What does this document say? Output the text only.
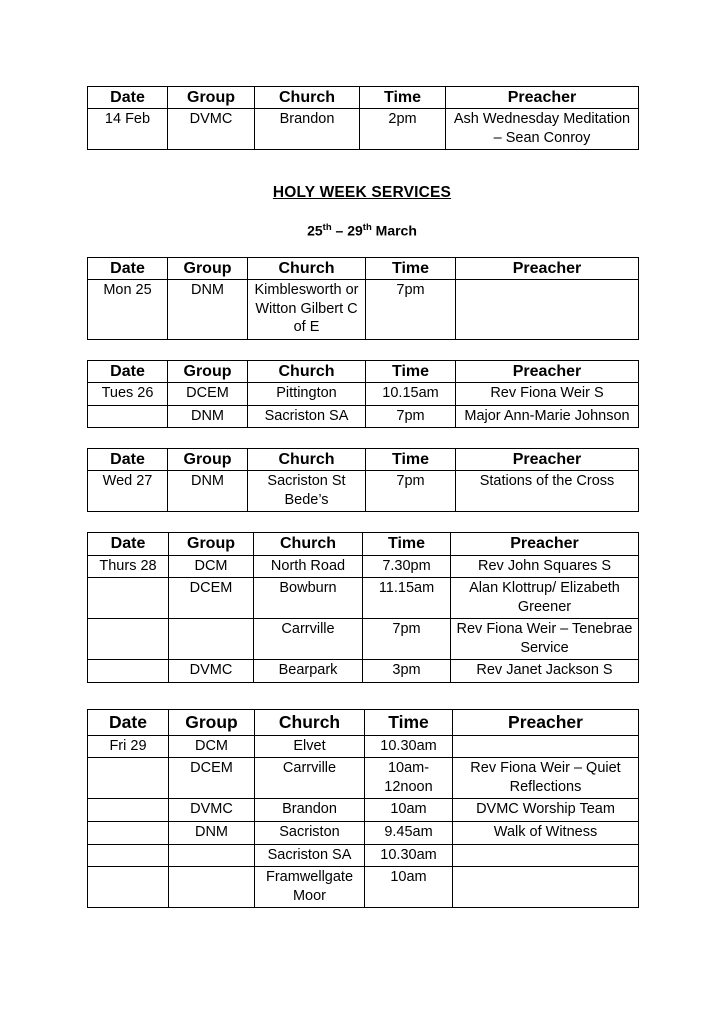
Date	Group	Church	Time	Preacher
14 Feb	DVMC	Brandon	2pm	Ash Wednesday Meditation – Sean Conroy
HOLY WEEK SERVICES
25th – 29th March
Date	Group	Church	Time	Preacher
Mon 25	DNM	Kimblesworth or Witton Gilbert C of E	7pm	
Date	Group	Church	Time	Preacher
Tues 26	DCEM	Pittington	10.15am	Rev Fiona Weir S
	DNM	Sacriston SA	7pm	Major Ann-Marie Johnson
Date	Group	Church	Time	Preacher
Wed 27	DNM	Sacriston St Bede’s	7pm	Stations of the Cross
Date	Group	Church	Time	Preacher
Thurs 28	DCM	North Road	7.30pm	Rev John Squares S
	DCEM	Bowburn	11.15am	Alan Klottrup/ Elizabeth Greener
		Carrville	7pm	Rev Fiona Weir – Tenebrae Service
	DVMC	Bearpark	3pm	Rev Janet Jackson S
Date	Group	Church	Time	Preacher
Fri 29	DCM	Elvet	10.30am	
	DCEM	Carrville	10am-12noon	Rev Fiona Weir – Quiet Reflections
	DVMC	Brandon	10am	DVMC Worship Team
	DNM	Sacriston	9.45am	Walk of Witness
		Sacriston SA	10.30am	
		Framwellgate Moor	10am	
